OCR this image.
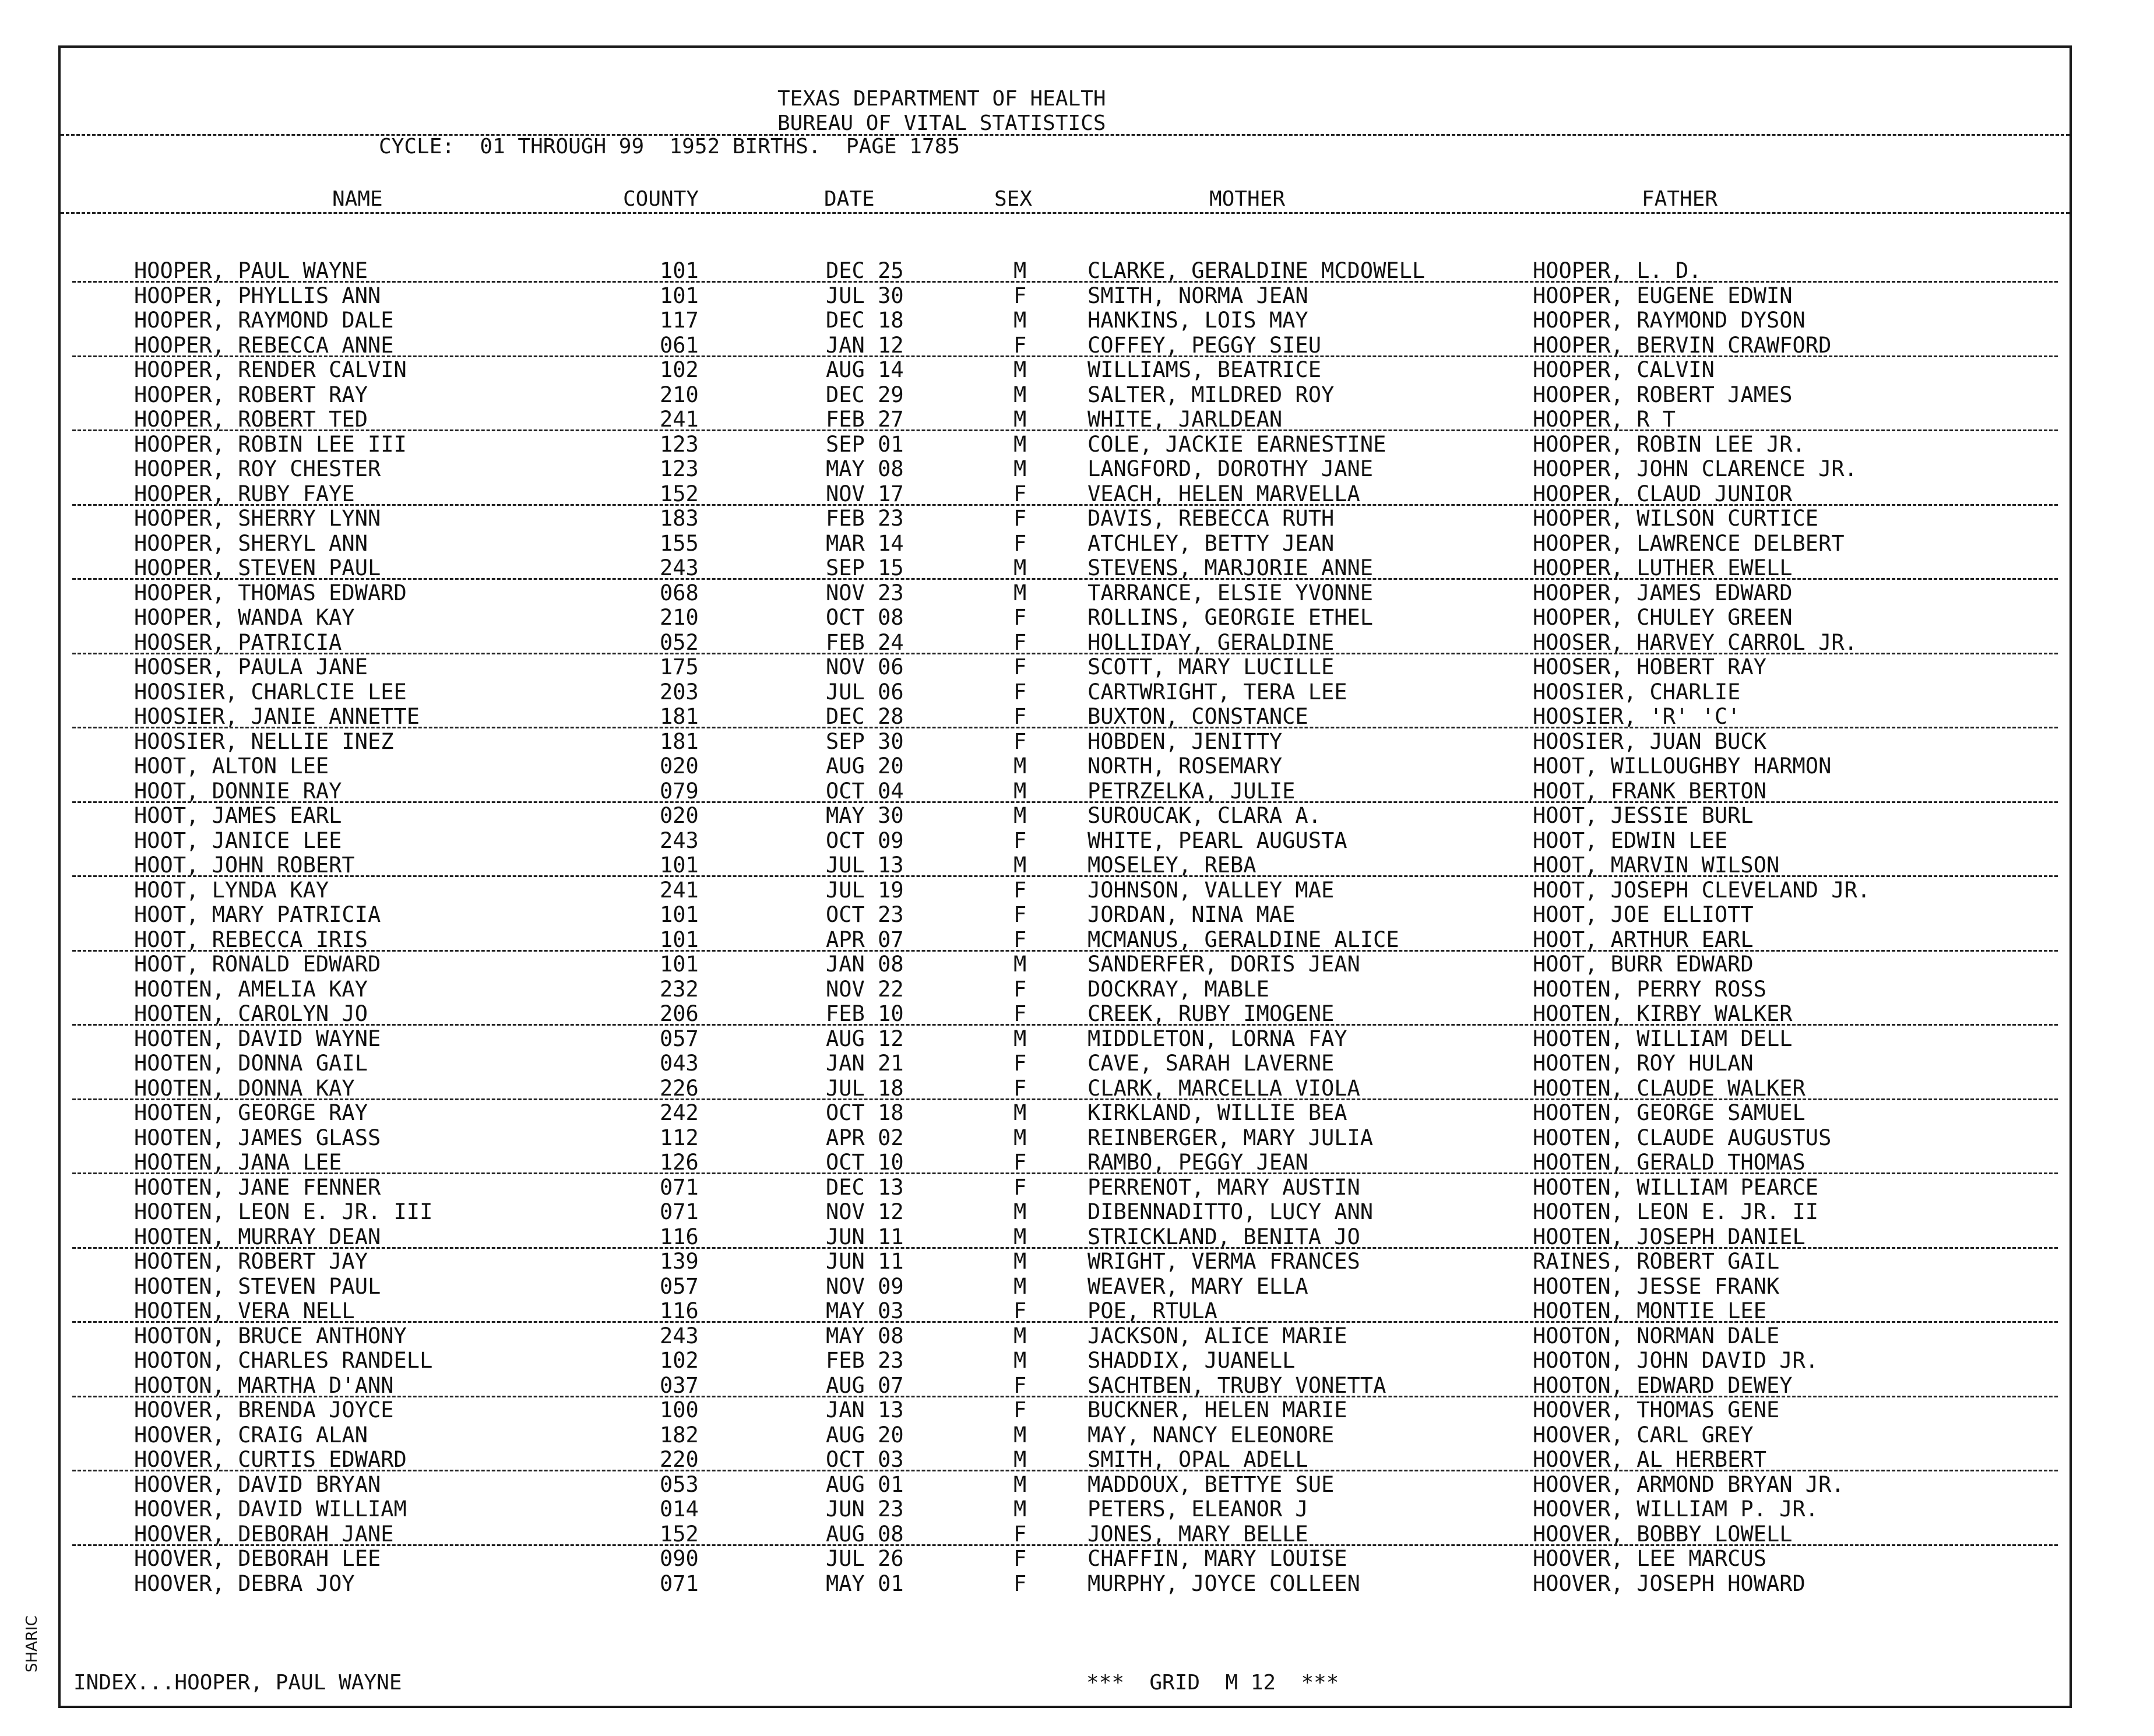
TEXAS DEPARTMENT OF HEALTH
BUREAU OF VITAL STATISTICS
CYCLE:  01 THROUGH 99  1952 BIRTHS.  PAGE 1785
NAME	COUNTY	DATE	SEX	MOTHER	FATHER
HOOPER, PAUL WAYNE	101	DEC 25	M	CLARKE, GERALDINE MCDOWELL	HOOPER, L. D.
HOOPER, PHYLLIS ANN	101	JUL 30	F	SMITH, NORMA JEAN	HOOPER, EUGENE EDWIN
HOOPER, RAYMOND DALE	117	DEC 18	M	HANKINS, LOIS MAY	HOOPER, RAYMOND DYSON
HOOPER, REBECCA ANNE	061	JAN 12	F	COFFEY, PEGGY SIEU	HOOPER, BERVIN CRAWFORD
HOOPER, RENDER CALVIN	102	AUG 14	M	WILLIAMS, BEATRICE	HOOPER, CALVIN
HOOPER, ROBERT RAY	210	DEC 29	M	SALTER, MILDRED ROY	HOOPER, ROBERT JAMES
HOOPER, ROBERT TED	241	FEB 27	M	WHITE, JARLDEAN	HOOPER, R T
HOOPER, ROBIN LEE III	123	SEP 01	M	COLE, JACKIE EARNESTINE	HOOPER, ROBIN LEE JR.
HOOPER, ROY CHESTER	123	MAY 08	M	LANGFORD, DOROTHY JANE	HOOPER, JOHN CLARENCE JR.
HOOPER, RUBY FAYE	152	NOV 17	F	VEACH, HELEN MARVELLA	HOOPER, CLAUD JUNIOR
HOOPER, SHERRY LYNN	183	FEB 23	F	DAVIS, REBECCA RUTH	HOOPER, WILSON CURTICE
HOOPER, SHERYL ANN	155	MAR 14	F	ATCHLEY, BETTY JEAN	HOOPER, LAWRENCE DELBERT
HOOPER, STEVEN PAUL	243	SEP 15	M	STEVENS, MARJORIE ANNE	HOOPER, LUTHER EWELL
HOOPER, THOMAS EDWARD	068	NOV 23	M	TARRANCE, ELSIE YVONNE	HOOPER, JAMES EDWARD
HOOPER, WANDA KAY	210	OCT 08	F	ROLLINS, GEORGIE ETHEL	HOOPER, CHULEY GREEN
HOOSER, PATRICIA	052	FEB 24	F	HOLLIDAY, GERALDINE	HOOSER, HARVEY CARROL JR.
HOOSER, PAULA JANE	175	NOV 06	F	SCOTT, MARY LUCILLE	HOOSER, HOBERT RAY
HOOSIER, CHARLCIE LEE	203	JUL 06	F	CARTWRIGHT, TERA LEE	HOOSIER, CHARLIE
HOOSIER, JANIE ANNETTE	181	DEC 28	F	BUXTON, CONSTANCE	HOOSIER, 'R' 'C'
HOOSIER, NELLIE INEZ	181	SEP 30	F	HOBDEN, JENITTY	HOOSIER, JUAN BUCK
HOOT, ALTON LEE	020	AUG 20	M	NORTH, ROSEMARY	HOOT, WILLOUGHBY HARMON
HOOT, DONNIE RAY	079	OCT 04	M	PETRZELKA, JULIE	HOOT, FRANK BERTON
HOOT, JAMES EARL	020	MAY 30	M	SUROUCAK, CLARA A.	HOOT, JESSIE BURL
HOOT, JANICE LEE	243	OCT 09	F	WHITE, PEARL AUGUSTA	HOOT, EDWIN LEE
HOOT, JOHN ROBERT	101	JUL 13	M	MOSELEY, REBA	HOOT, MARVIN WILSON
HOOT, LYNDA KAY	241	JUL 19	F	JOHNSON, VALLEY MAE	HOOT, JOSEPH CLEVELAND JR.
HOOT, MARY PATRICIA	101	OCT 23	F	JORDAN, NINA MAE	HOOT, JOE ELLIOTT
HOOT, REBECCA IRIS	101	APR 07	F	MCMANUS, GERALDINE ALICE	HOOT, ARTHUR EARL
HOOT, RONALD EDWARD	101	JAN 08	M	SANDERFER, DORIS JEAN	HOOT, BURR EDWARD
HOOTEN, AMELIA KAY	232	NOV 22	F	DOCKRAY, MABLE	HOOTEN, PERRY ROSS
HOOTEN, CAROLYN JO	206	FEB 10	F	CREEK, RUBY IMOGENE	HOOTEN, KIRBY WALKER
HOOTEN, DAVID WAYNE	057	AUG 12	M	MIDDLETON, LORNA FAY	HOOTEN, WILLIAM DELL
HOOTEN, DONNA GAIL	043	JAN 21	F	CAVE, SARAH LAVERNE	HOOTEN, ROY HULAN
HOOTEN, DONNA KAY	226	JUL 18	F	CLARK, MARCELLA VIOLA	HOOTEN, CLAUDE WALKER
HOOTEN, GEORGE RAY	242	OCT 18	M	KIRKLAND, WILLIE BEA	HOOTEN, GEORGE SAMUEL
HOOTEN, JAMES GLASS	112	APR 02	M	REINBERGER, MARY JULIA	HOOTEN, CLAUDE AUGUSTUS
HOOTEN, JANA LEE	126	OCT 10	F	RAMBO, PEGGY JEAN	HOOTEN, GERALD THOMAS
HOOTEN, JANE FENNER	071	DEC 13	F	PERRENOT, MARY AUSTIN	HOOTEN, WILLIAM PEARCE
HOOTEN, LEON E. JR. III	071	NOV 12	M	DIBENNADITTO, LUCY ANN	HOOTEN, LEON E. JR. II
HOOTEN, MURRAY DEAN	116	JUN 11	M	STRICKLAND, BENITA JO	HOOTEN, JOSEPH DANIEL
HOOTEN, ROBERT JAY	139	JUN 11	M	WRIGHT, VERMA FRANCES	RAINES, ROBERT GAIL
HOOTEN, STEVEN PAUL	057	NOV 09	M	WEAVER, MARY ELLA	HOOTEN, JESSE FRANK
HOOTEN, VERA NELL	116	MAY 03	F	POE, RTULA	HOOTEN, MONTIE LEE
HOOTON, BRUCE ANTHONY	243	MAY 08	M	JACKSON, ALICE MARIE	HOOTON, NORMAN DALE
HOOTON, CHARLES RANDELL	102	FEB 23	M	SHADDIX, JUANELL	HOOTON, JOHN DAVID JR.
HOOTON, MARTHA D'ANN	037	AUG 07	F	SACHTBEN, TRUBY VONETTA	HOOTON, EDWARD DEWEY
HOOVER, BRENDA JOYCE	100	JAN 13	F	BUCKNER, HELEN MARIE	HOOVER, THOMAS GENE
HOOVER, CRAIG ALAN	182	AUG 20	M	MAY, NANCY ELEONORE	HOOVER, CARL GREY
HOOVER, CURTIS EDWARD	220	OCT 03	M	SMITH, OPAL ADELL	HOOVER, AL HERBERT
HOOVER, DAVID BRYAN	053	AUG 01	M	MADDOUX, BETTYE SUE	HOOVER, ARMOND BRYAN JR.
HOOVER, DAVID WILLIAM	014	JUN 23	M	PETERS, ELEANOR J	HOOVER, WILLIAM P. JR.
HOOVER, DEBORAH JANE	152	AUG 08	F	JONES, MARY BELLE	HOOVER, BOBBY LOWELL
HOOVER, DEBORAH LEE	090	JUL 26	F	CHAFFIN, MARY LOUISE	HOOVER, LEE MARCUS
HOOVER, DEBRA JOY	071	MAY 01	F	MURPHY, JOYCE COLLEEN	HOOVER, JOSEPH HOWARD
INDEX...HOOPER, PAUL WAYNE	***  GRID  M 12  ***
SHARIC
